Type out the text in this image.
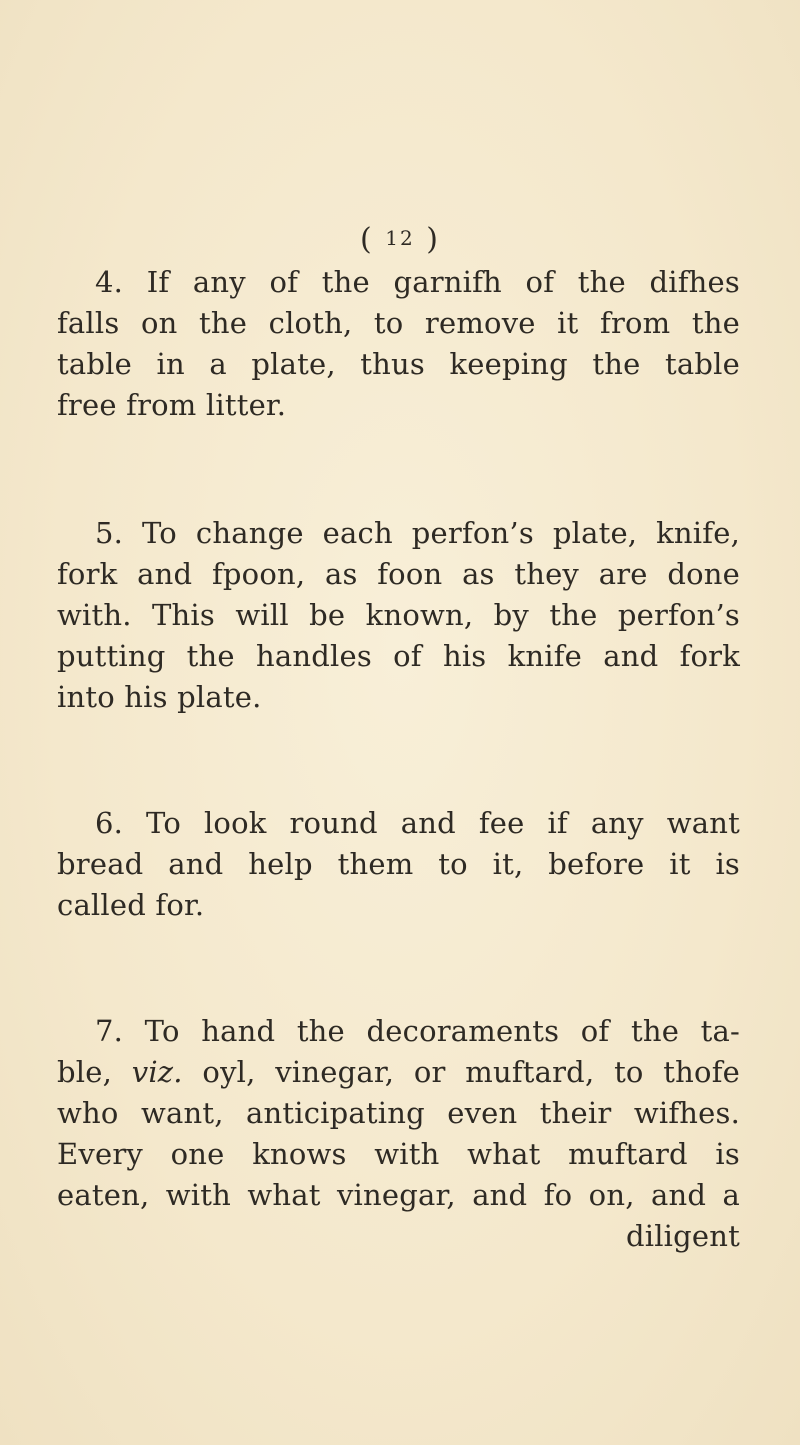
( 12 )

4. If any of the garnifh of the difhes
falls on the cloth, to remove it from the
table in a plate, thus keeping the table
free from litter.

5. To change each perfon’s plate, knife,
fork and fpoon, as foon as they are done
with. This will be known, by the perfon’s
putting the handles of his knife and fork
into his plate.

6. To look round and fee if any want
bread and help them to it, before it is
called for.

7. To hand the decoraments of the ta-
ble, viz. oyl, vinegar, or muftard, to thofe
who want, anticipating even their wifhes.
Every one knows with what muftard is
eaten, with what vinegar, and fo on, and a
diligent
